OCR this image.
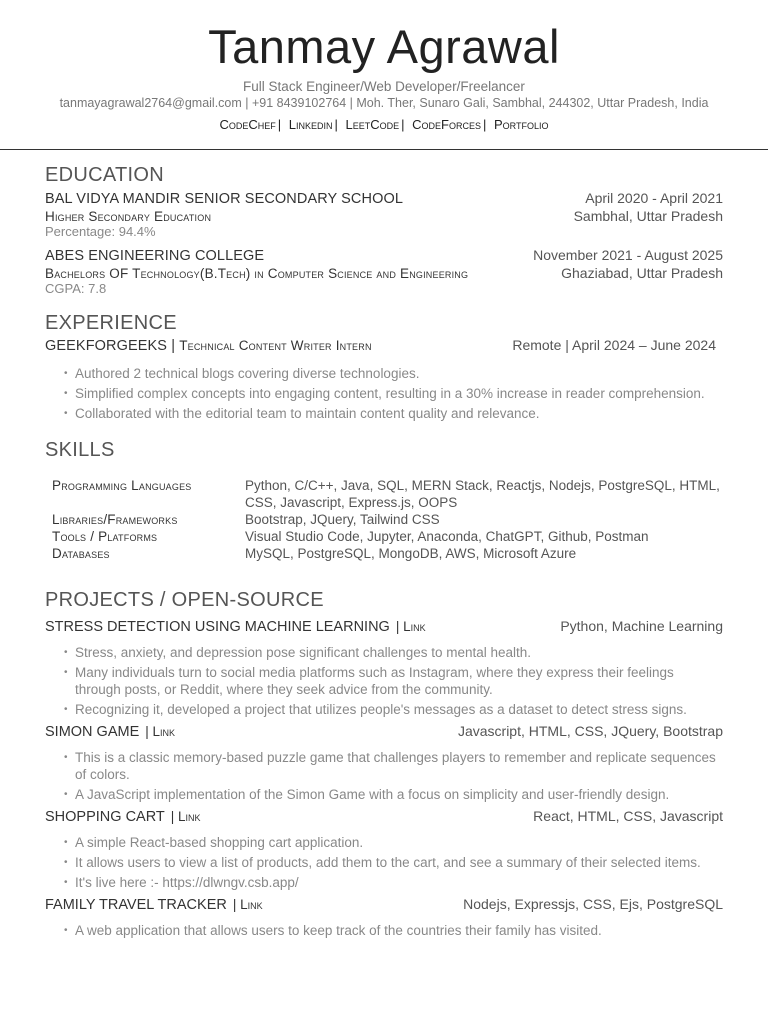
Tanmay Agrawal
Full Stack Engineer/Web Developer/Freelancer
tanmayagrawal2764@gmail.com | +91 8439102764 | Moh. Ther, Sunaro Gali, Sambhal, 244302, Uttar Pradesh, India
CodeChef | Linkedin | LeetCode | CodeForces | Portfolio
EDUCATION
BAL VIDYA MANDIR SENIOR SECONDARY SCHOOL	April 2020 - April 2021
Higher Secondary Education	Sambhal, Uttar Pradesh
Percentage: 94.4%
ABES ENGINEERING COLLEGE	November 2021 - August 2025
Bachelors OF Technology(B.Tech) in Computer Science and Engineering	Ghaziabad, Uttar Pradesh
CGPA: 7.8
EXPERIENCE
GEEKFORGEEKS | Technical Content Writer Intern	Remote | April 2024 – June 2024
• Authored 2 technical blogs covering diverse technologies.
• Simplified complex concepts into engaging content, resulting in a 30% increase in reader comprehension.
• Collaborated with the editorial team to maintain content quality and relevance.
SKILLS
Programming Languages	Python, C/C++, Java, SQL, MERN Stack, Reactjs, Nodejs, PostgreSQL, HTML, CSS, Javascript, Express.js, OOPS
Libraries/Frameworks	Bootstrap, JQuery, Tailwind CSS
Tools / Platforms	Visual Studio Code, Jupyter, Anaconda, ChatGPT, Github, Postman
Databases	MySQL, PostgreSQL, MongoDB, AWS, Microsoft Azure
PROJECTS / OPEN-SOURCE
STRESS DETECTION USING MACHINE LEARNING | Link	Python, Machine Learning
• Stress, anxiety, and depression pose significant challenges to mental health.
• Many individuals turn to social media platforms such as Instagram, where they express their feelings through posts, or Reddit, where they seek advice from the community.
• Recognizing it, developed a project that utilizes people's messages as a dataset to detect stress signs.
SIMON GAME | Link	Javascript, HTML, CSS, JQuery, Bootstrap
• This is a classic memory-based puzzle game that challenges players to remember and replicate sequences of colors.
• A JavaScript implementation of the Simon Game with a focus on simplicity and user-friendly design.
SHOPPING CART | Link	React, HTML, CSS, Javascript
• A simple React-based shopping cart application.
• It allows users to view a list of products, add them to the cart, and see a summary of their selected items.
• It's live here :- https://dlwngv.csb.app/
FAMILY TRAVEL TRACKER | Link	Nodejs, Expressjs, CSS, Ejs, PostgreSQL
• A web application that allows users to keep track of the countries their family has visited.
